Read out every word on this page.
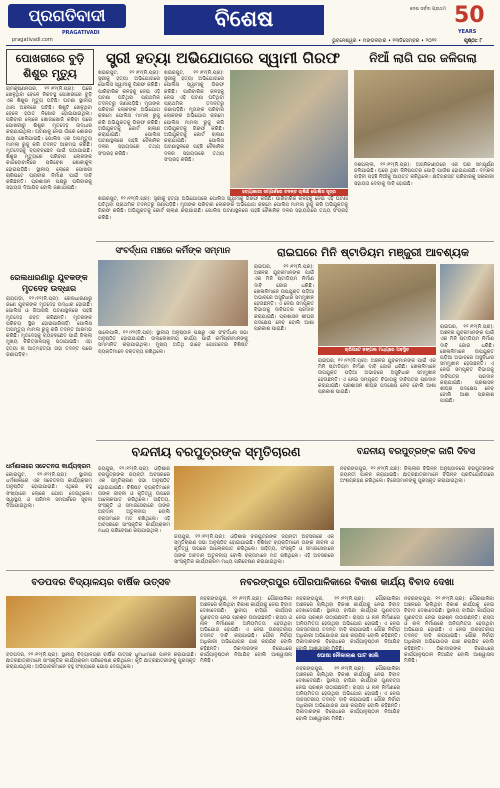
ପ୍ରଗତିବାଦୀ
PRAGATIVADI
pragativadi.com
ବିଶେଷ	50
YEARS
ଦେଶ ସର୍ବଦା ପ୍ରଥମ
ଭୁବନେଶ୍ୱର • ମଙ୍ଗଳବାର • ୧୩ଡିସେମ୍ବର • ୨୦୨୨	ପୃଷ୍ଠା: ୮
ପୋଖରୀରେ ବୁଡ଼ି
ଶିଶୁର ମୃତ୍ୟୁ
ରାମକୃଷ୍ଣନଗର, ୧୨।୧୨(ନି.ପ୍ର): ଘରେ ଖେଳୁଥିବା ବେଳେ ନିକଟସ୍ଥ ପୋଖରୀରେ ବୁଡ଼ି ଏକ ଶିଶୁର ମୃତ୍ୟୁ ଘଟିଛି। ଘଟଣା ସ୍ଥାନୀୟ ଥାନା ଅଞ୍ଚଳରେ ଘଟିଛି। ଶିଶୁଟି ଖେଳୁଥିବା ବେଳେ ହଠାତ ନିଖୋଜ ହୋଇଯାଇଥିଲା। ପରିବାର ଲୋକେ ଖୋଜାଖୋଜି କରିବା ପରେ ପୋଖରୀରୁ ଶିଶୁର ମୃତଦେହ ଉଦ୍ଧାର କରାଯାଇଥିଲା। ଘଟଣାକୁ ନେଇ ଗାଁରେ ଶୋକର ଛାୟା ଖେଳିଯାଇଛି। ପୋଲିସ ଏକ ଅପମୃତ୍ୟୁ ମାମଲା ରୁଜୁ କରି ତଦନ୍ତ ଆରମ୍ଭ କରିଛି। ମୃତଦେହକୁ ବ୍ୟବଚ୍ଛେଦ ପାଇଁ ପଠାଯାଇଛି। ଶିଶୁର ମୃତ୍ୟୁରେ ପରିବାର ଲୋକଙ୍କ କାନ୍ଦବୋବାଳିରେ ପରିବେଶ ଶୋକାକୁଳ ହୋଇପଡ଼ିଛି। ସ୍ଥାନୀୟ ଲୋକେ ପୋଖରୀ ଚାରିପଟେ ପ୍ରାଚୀର ନିର୍ମାଣ ପାଇଁ ଦାବି କରିଛନ୍ତି। ପ୍ରଶାସନ ପକ୍ଷରୁ ପରିବାରକୁ ସହାୟତା ଦିଆଯିବ ବୋଲି ଜଣାଯାଇଛି।
ସ୍ତ୍ରୀ ହତ୍ୟା ଅଭିଯୋଗରେ ସ୍ୱାମୀ ଗିରଫ
ଖଇରପୁଟ, ୧୨।୧୨(ନି.ପ୍ର): ସ୍ତ୍ରୀକୁ ହତ୍ୟା ଅଭିଯୋଗରେ ପୋଲିସ ସ୍ୱାମୀକୁ ଗିରଫ କରିଛି। ପାରିବାରିକ କଳହକୁ ନେଇ ଏହି ଘଟଣା ଘଟିଥିବା ପ୍ରାଥମିକ ତଦନ୍ତରୁ ଜଣାପଡ଼ିଛି। ମୃତାଙ୍କ ପରିବାର ଲୋକଙ୍କ ଅଭିଯୋଗ କ୍ରମେ ପୋଲିସ ମାମଲା ରୁଜୁ କରି ଅଭିଯୁକ୍ତକୁ ଗିରଫ କରିଛି। ଅଭିଯୁକ୍ତକୁ କୋର୍ଟ ଚାଲାଣ କରାଯାଇଛି। ପୋଲିସ ଘଟଣାସ୍ଥଳରେ ପହଞ୍ଚି ବୈଜ୍ଞାନିକ ଦଳର ସହାୟତାରେ ତଥ୍ୟ ସଂଗ୍ରହ କରିଛି।
ଖଇରପୁଟ, ୧୨।୧୨(ନି.ପ୍ର): ସ୍ତ୍ରୀକୁ ହତ୍ୟା ଅଭିଯୋଗରେ ପୋଲିସ ସ୍ୱାମୀକୁ ଗିରଫ କରିଛି। ପାରିବାରିକ କଳହକୁ ନେଇ ଏହି ଘଟଣା ଘଟିଥିବା ପ୍ରାଥମିକ ତଦନ୍ତରୁ ଜଣାପଡ଼ିଛି। ମୃତାଙ୍କ ପରିବାର ଲୋକଙ୍କ ଅଭିଯୋଗ କ୍ରମେ ପୋଲିସ ମାମଲା ରୁଜୁ କରି ଅଭିଯୁକ୍ତକୁ ଗିରଫ କରିଛି। ଅଭିଯୁକ୍ତକୁ କୋର୍ଟ ଚାଲାଣ କରାଯାଇଛି। ପୋଲିସ ଘଟଣାସ୍ଥଳରେ ପହଞ୍ଚି ବୈଜ୍ଞାନିକ ଦଳର ସହାୟତାରେ ତଥ୍ୟ ସଂଗ୍ରହ କରିଛି।
ହତ୍ୟାକାରୀ ସମ୍ପର୍କରେ ତଦନ୍ତ ଚାଲିଛି ପୋଲିସ ସୂତ୍ର
ଖଇରପୁଟ, ୧୨।୧୨(ନି.ପ୍ର): ସ୍ତ୍ରୀକୁ ହତ୍ୟା ଅଭିଯୋଗରେ ପୋଲିସ ସ୍ୱାମୀକୁ ଗିରଫ କରିଛି। ପାରିବାରିକ କଳହକୁ ନେଇ ଏହି ଘଟଣା ଘଟିଥିବା ପ୍ରାଥମିକ ତଦନ୍ତରୁ ଜଣାପଡ଼ିଛି। ମୃତାଙ୍କ ପରିବାର ଲୋକଙ୍କ ଅଭିଯୋଗ କ୍ରମେ ପୋଲିସ ମାମଲା ରୁଜୁ କରି ଅଭିଯୁକ୍ତକୁ ଗିରଫ କରିଛି। ଅଭିଯୁକ୍ତକୁ କୋର୍ଟ ଚାଲାଣ କରାଯାଇଛି। ପୋଲିସ ଘଟଣାସ୍ଥଳରେ ପହଞ୍ଚି ବୈଜ୍ଞାନିକ ଦଳର ସହାୟତାରେ ତଥ୍ୟ ସଂଗ୍ରହ କରିଛି।
ନିଆଁ ଲାଗି ଘର ଜଳିଗଲା
ଦଶପଲ୍ଲା, ୧୨।୧୨(ନି.ପ୍ର): ଅଗ୍ନିକାଣ୍ଡରେ ଏକ ଘର ସମ୍ପୂର୍ଣ୍ଣ ଜଳିଯାଇଛି। ଘରେ ଥିବା ଜିନିଷପତ୍ର ପୋଡ଼ି ପାଉଁଶ ହୋଇଯାଇଛି। ଦମକଳ ବାହିନୀ ପହଞ୍ଚି ନିଆଁକୁ ଆୟତ୍ତ କରିଥିଲେ। କ୍ଷତିଗ୍ରସ୍ତ ପରିବାରକୁ ସରକାରୀ ସହାୟତା ଦେବାକୁ ଦାବି ହୋଇଛି।
ରେଲଧାରଣାରୁ ଯୁବକଙ୍କ
ମୃତଦେହ ଉଦ୍ଧାର
ରାୟଗଡ଼ା, ୧୨।୧୨(ନି.ପ୍ର): ରେଲଧାରଣାରୁ ଜଣେ ଯୁବକଙ୍କ ମୃତଦେହ ଉଦ୍ଧାର ହୋଇଛି। ପୋଲିସ ଓ ଜିଆରପି ଘଟଣାସ୍ଥଳରେ ପହଞ୍ଚି ମୃତଦେହ ଜବତ କରିଛନ୍ତି। ମୃତକଙ୍କ ପରିଚୟ ସ୍ଥିର ହୋଇପାରିନାହିଁ। ପୋଲିସ ଅପମୃତ୍ୟୁ ମାମଲା ରୁଜୁ କରି ତଦନ୍ତ ଆରମ୍ଭ କରିଛି। ମୃତଦେହକୁ ବ୍ୟବଚ୍ଛେଦ ପାଇଁ ଜିଲ୍ଲା ମୁଖ୍ୟ ଚିକିତ୍ସାଳୟକୁ ପଠାଯାଇଛି। ଏହା ହତ୍ୟା ନା ଆତ୍ମହତ୍ୟା ତାହା ତଦନ୍ତ ପରେ ଜଣାପଡ଼ିବ।
ଧର୍ମଶାଳାରେ ସଚେତନତା କାର୍ଯ୍ୟକ୍ରମ
କୋରାପୁଟ, ୧୨।୧୨(ନି.ପ୍ର): ସ୍ଥାନୀୟ ଧର୍ମଶାଳାରେ ଏକ ସଚେତନତା କାର୍ଯ୍ୟକ୍ରମ ଅନୁଷ୍ଠିତ ହୋଇଯାଇଛି। ଏଥିରେ ବହୁ ସଂଖ୍ୟାରେ ଲୋକେ ଯୋଗ ଦେଇଥିଲେ। ସ୍ୱାସ୍ଥ୍ୟ ଓ ପରିମଳ ସମ୍ପର୍କରେ ସୂଚନା ଦିଆଯାଇଥିଲା।
ସଂବର୍ଦ୍ଧନା ମଞ୍ଚରେ କର୍ମିଙ୍କ ସମ୍ମାନ
ସାଲେପାଲି, ୧୨।୧୨(ନି.ପ୍ର): ସ୍ଥାନୀୟ ଅନୁଷ୍ଠାନ ପକ୍ଷରୁ ଏକ ସଂବର୍ଦ୍ଧନା ସଭା ଅନୁଷ୍ଠିତ ହୋଇଯାଇଛି। ଉଲ୍ଲେଖନୀୟ କାର୍ଯ୍ୟ ପାଇଁ କର୍ମଚାରୀମାନଙ୍କୁ ସମ୍ମାନିତ କରାଯାଇଥିଲା। ମୁଖ୍ୟ ଅତିଥି ଭାବେ ଯୋଗଦେଇ ବିଶିଷ୍ଟ ବ୍ୟକ୍ତିମାନେ ବକ୍ତବ୍ୟ ରଖିଥିଲେ।
ରାଇଘରେ ମିନି ଷ୍ଟାଡିୟମ ମଞ୍ଜୁରୀ ଆବଶ୍ୟକ
ରାଇଘର, ୧୨।୧୨(ନି.ପ୍ର): ଅଞ୍ଚଳର ଯୁବକମାନଙ୍କ ପାଇଁ ଏକ ମିନି ଷ୍ଟାଡିୟମ ନିର୍ମାଣ ଦାବି ଜୋର ଧରିଛି। ଖେଳାଳିମାନେ ଉପଯୁକ୍ତ ପଡ଼ିଆ ଅଭାବରେ ଅସୁବିଧାର ସମ୍ମୁଖୀନ ହେଉଛନ୍ତି। ଏ ନେଇ ସମ୍ପୃକ୍ତ ବିଭାଗକୁ ଦାବିପତ୍ର ପ୍ରଦାନ କରାଯାଇଛି। ପ୍ରଶାସନ ଶୀଘ୍ର ପଦକ୍ଷେପ ନେବ ବୋଲି ଆଶା ପ୍ରକାଶ ପାଇଛି।
ଚାରିପଟେ ଜଙ୍ଗଲ ମଧ୍ୟରେ ଅବସ୍ଥିତ
ରାଇଘର, ୧୨।୧୨(ନି.ପ୍ର): ଅଞ୍ଚଳର ଯୁବକମାନଙ୍କ ପାଇଁ ଏକ ମିନି ଷ୍ଟାଡିୟମ ନିର୍ମାଣ ଦାବି ଜୋର ଧରିଛି। ଖେଳାଳିମାନେ ଉପଯୁକ୍ତ ପଡ଼ିଆ ଅଭାବରେ ଅସୁବିଧାର ସମ୍ମୁଖୀନ ହେଉଛନ୍ତି। ଏ ନେଇ ସମ୍ପୃକ୍ତ ବିଭାଗକୁ ଦାବିପତ୍ର ପ୍ରଦାନ କରାଯାଇଛି। ପ୍ରଶାସନ ଶୀଘ୍ର ପଦକ୍ଷେପ ନେବ ବୋଲି ଆଶା ପ୍ରକାଶ ପାଇଛି।
ରାଇଘର, ୧୨।୧୨(ନି.ପ୍ର): ଅଞ୍ଚଳର ଯୁବକମାନଙ୍କ ପାଇଁ ଏକ ମିନି ଷ୍ଟାଡିୟମ ନିର୍ମାଣ ଦାବି ଜୋର ଧରିଛି। ଖେଳାଳିମାନେ ଉପଯୁକ୍ତ ପଡ଼ିଆ ଅଭାବରେ ଅସୁବିଧାର ସମ୍ମୁଖୀନ ହେଉଛନ୍ତି। ଏ ନେଇ ସମ୍ପୃକ୍ତ ବିଭାଗକୁ ଦାବିପତ୍ର ପ୍ରଦାନ କରାଯାଇଛି। ପ୍ରଶାସନ ଶୀଘ୍ର ପଦକ୍ଷେପ ନେବ ବୋଲି ଆଶା ପ୍ରକାଶ ପାଇଛି।
ବନ୍ଦନୀୟ ବରପୁତ୍ରଙ୍କ ସ୍ମୃତିଚାରଣ
ଜୟପୁର, ୧୨।୧୨(ନି.ପ୍ର): ଓଡ଼ିଶାର ବରପୁତ୍ରଙ୍କ ଜୟନ୍ତୀ ଅବସରରେ ଏକ ସ୍ମୃତିଚାରଣ ସଭା ଅନୁଷ୍ଠିତ ହୋଇଯାଇଛି। ବିଶିଷ୍ଟ ବ୍ୟକ୍ତିମାନେ ତାଙ୍କ ଜୀବନୀ ଓ କୃତିତ୍ୱ ଉପରେ ଆଲୋକପାତ କରିଥିଲେ। ସାହିତ୍ୟ, ସଂସ୍କୃତି ଓ ସମାଜସେବାରେ ତାଙ୍କ ଅବଦାନ ଅତୁଳନୀୟ ବୋଲି ବକ୍ତାମାନେ ମତ ରଖିଥିଲେ। ଏହି ଅବସରରେ ସାଂସ୍କୃତିକ କାର୍ଯ୍ୟକ୍ରମ ମଧ୍ୟ ପରିବେଷଣ କରାଯାଇଥିଲା।
ଜୟପୁର, ୧୨।୧୨(ନି.ପ୍ର): ଓଡ଼ିଶାର ବରପୁତ୍ରଙ୍କ ଜୟନ୍ତୀ ଅବସରରେ ଏକ ସ୍ମୃତିଚାରଣ ସଭା ଅନୁଷ୍ଠିତ ହୋଇଯାଇଛି। ବିଶିଷ୍ଟ ବ୍ୟକ୍ତିମାନେ ତାଙ୍କ ଜୀବନୀ ଓ କୃତିତ୍ୱ ଉପରେ ଆଲୋକପାତ କରିଥିଲେ। ସାହିତ୍ୟ, ସଂସ୍କୃତି ଓ ସମାଜସେବାରେ ତାଙ୍କ ଅବଦାନ ଅତୁଳନୀୟ ବୋଲି ବକ୍ତାମାନେ ମତ ରଖିଥିଲେ। ଏହି ଅବସରରେ ସାଂସ୍କୃତିକ କାର୍ଯ୍ୟକ୍ରମ ମଧ୍ୟ ପରିବେଷଣ କରାଯାଇଥିଲା।
ବନ୍ଦନୀୟ ବରପୁତ୍ରଙ୍କ ଜାଗି ଦିବସ
ନବରଙ୍ଗପୁର, ୧୨।୧୨(ନି.ପ୍ର): ଜିଲ୍ଲାର ବିଭିନ୍ନ ଅନୁଷ୍ଠାନରେ ବରପୁତ୍ରଙ୍କ ଜୟନ୍ତୀ ପାଳନ କରାଯାଇଛି। ଛାତ୍ରଛାତ୍ରୀମାନେ ବିଭିନ୍ନ ପ୍ରତିଯୋଗିତାରେ ଅଂଶଗ୍ରହଣ କରିଥିଲେ। ବିଜେତାମାନଙ୍କୁ ପୁରସ୍କୃତ କରାଯାଇଥିଲା।
ବଡପଦର ବିଦ୍ୟାଳୟର ବାର୍ଷିକ ଉତ୍ସବ
ବଡପଦର, ୧୨।୧୨(ନି.ପ୍ର): ସ୍ଥାନୀୟ ବିଦ୍ୟାଳୟର ବାର୍ଷିକ ଉତ୍ସବ ଧୁମଧାମରେ ପାଳନ କରାଯାଇଛି। ଛାତ୍ରଛାତ୍ରୀମାନେ ସାଂସ୍କୃତିକ କାର୍ଯ୍ୟକ୍ରମ ପରିବେଷଣ କରିଥିଲେ। କୃତି ଛାତ୍ରଛାତ୍ରୀଙ୍କୁ ପୁରସ୍କୃତ କରାଯାଇଥିଲା। ଅଭିଭାବକମାନେ ବହୁ ସଂଖ୍ୟାରେ ଯୋଗ ଦେଇଥିଲେ।
ନବରଙ୍ଗପୁର ପୌରପାଳିକାରେ ବିକାଶ କାର୍ଯ୍ୟ ବିବାଦ ଦେଖା
ନବରଙ୍ଗପୁର, ୧୨।୧୨(ନି.ପ୍ର): ପୌରପାଳିକା ଅଞ୍ଚଳରେ ଚାଲିଥିବା ବିକାଶ କାର୍ଯ୍ୟକୁ ନେଇ ବିବାଦ ଦେଖାଦେଇଛି। ସ୍ଥାନୀୟ ବାସିନ୍ଦା କାର୍ଯ୍ୟର ଗୁଣବତ୍ତା ନେଇ ପ୍ରଶ୍ନ ଉଠାଇଛନ୍ତି। ରାସ୍ତା ଓ ନାଳ ନିର୍ମାଣରେ ଅନିୟମିତତା ହେଉଥିବା ଅଭିଯୋଗ ହୋଇଛି। ଏ ନେଇ ଉଚ୍ଚସ୍ତରୀୟ ତଦନ୍ତ ଦାବି କରାଯାଇଛି। ପୌର ନିର୍ବାହୀ ଅଧିକାରୀ ଅଭିଯୋଗର ଯାଞ୍ଚ କରାଯିବ ବୋଲି କହିଛନ୍ତି। ଠିକାଦାରଙ୍କ ବିରୋଧରେ କାର୍ଯ୍ୟାନୁଷ୍ଠାନ ନିଆଯିବ ବୋଲି ଆଶ୍ୱାସନା ମିଳିଛି।
ଘୋଷା ନୌକାଲାଈ ଘାଟ ଖାଲି
ନବରଙ୍ଗପୁର, ୧୨।୧୨(ନି.ପ୍ର): ପୌରପାଳିକା ଅଞ୍ଚଳରେ ଚାଲିଥିବା ବିକାଶ କାର୍ଯ୍ୟକୁ ନେଇ ବିବାଦ ଦେଖାଦେଇଛି। ସ୍ଥାନୀୟ ବାସିନ୍ଦା କାର୍ଯ୍ୟର ଗୁଣବତ୍ତା ନେଇ ପ୍ରଶ୍ନ ଉଠାଇଛନ୍ତି। ରାସ୍ତା ଓ ନାଳ ନିର୍ମାଣରେ ଅନିୟମିତତା ହେଉଥିବା ଅଭିଯୋଗ ହୋଇଛି। ଏ ନେଇ ଉଚ୍ଚସ୍ତରୀୟ ତଦନ୍ତ ଦାବି କରାଯାଇଛି। ପୌର ନିର୍ବାହୀ ଅଧିକାରୀ ଅଭିଯୋଗର ଯାଞ୍ଚ କରାଯିବ ବୋଲି କହିଛନ୍ତି। ଠିକାଦାରଙ୍କ ବିରୋଧରେ କାର୍ଯ୍ୟାନୁଷ୍ଠାନ ନିଆଯିବ ବୋଲି ଆଶ୍ୱାସନା ମିଳିଛି।
ନବରଙ୍ଗପୁର, ୧୨।୧୨(ନି.ପ୍ର): ପୌରପାଳିକା ଅଞ୍ଚଳରେ ଚାଲିଥିବା ବିକାଶ କାର୍ଯ୍ୟକୁ ନେଇ ବିବାଦ ଦେଖାଦେଇଛି। ସ୍ଥାନୀୟ ବାସିନ୍ଦା କାର୍ଯ୍ୟର ଗୁଣବତ୍ତା ନେଇ ପ୍ରଶ୍ନ ଉଠାଇଛନ୍ତି। ରାସ୍ତା ଓ ନାଳ ନିର୍ମାଣରେ ଅନିୟମିତତା ହେଉଥିବା ଅଭିଯୋଗ ହୋଇଛି। ଏ ନେଇ ଉଚ୍ଚସ୍ତରୀୟ ତଦନ୍ତ ଦାବି କରାଯାଇଛି। ପୌର ନିର୍ବାହୀ ଅଧିକାରୀ ଅଭିଯୋଗର ଯାଞ୍ଚ କରାଯିବ ବୋଲି କହିଛନ୍ତି। ଠିକାଦାରଙ୍କ ବିରୋଧରେ କାର୍ଯ୍ୟାନୁଷ୍ଠାନ ନିଆଯିବ ବୋଲି ଆଶ୍ୱାସନା ମିଳିଛି।
ନବରଙ୍ଗପୁର, ୧୨।୧୨(ନି.ପ୍ର): ପୌରପାଳିକା ଅଞ୍ଚଳରେ ଚାଲିଥିବା ବିକାଶ କାର୍ଯ୍ୟକୁ ନେଇ ବିବାଦ ଦେଖାଦେଇଛି। ସ୍ଥାନୀୟ ବାସିନ୍ଦା କାର୍ଯ୍ୟର ଗୁଣବତ୍ତା ନେଇ ପ୍ରଶ୍ନ ଉଠାଇଛନ୍ତି। ରାସ୍ତା ଓ ନାଳ ନିର୍ମାଣରେ ଅନିୟମିତତା ହେଉଥିବା ଅଭିଯୋଗ ହୋଇଛି। ଏ ନେଇ ଉଚ୍ଚସ୍ତରୀୟ ତଦନ୍ତ ଦାବି କରାଯାଇଛି। ପୌର ନିର୍ବାହୀ ଅଧିକାରୀ ଅଭିଯୋଗର ଯାଞ୍ଚ କରାଯିବ ବୋଲି କହିଛନ୍ତି। ଠିକାଦାରଙ୍କ ବିରୋଧରେ କାର୍ଯ୍ୟାନୁଷ୍ଠାନ ନିଆଯିବ ବୋଲି ଆଶ୍ୱାସନା ମିଳିଛି।
